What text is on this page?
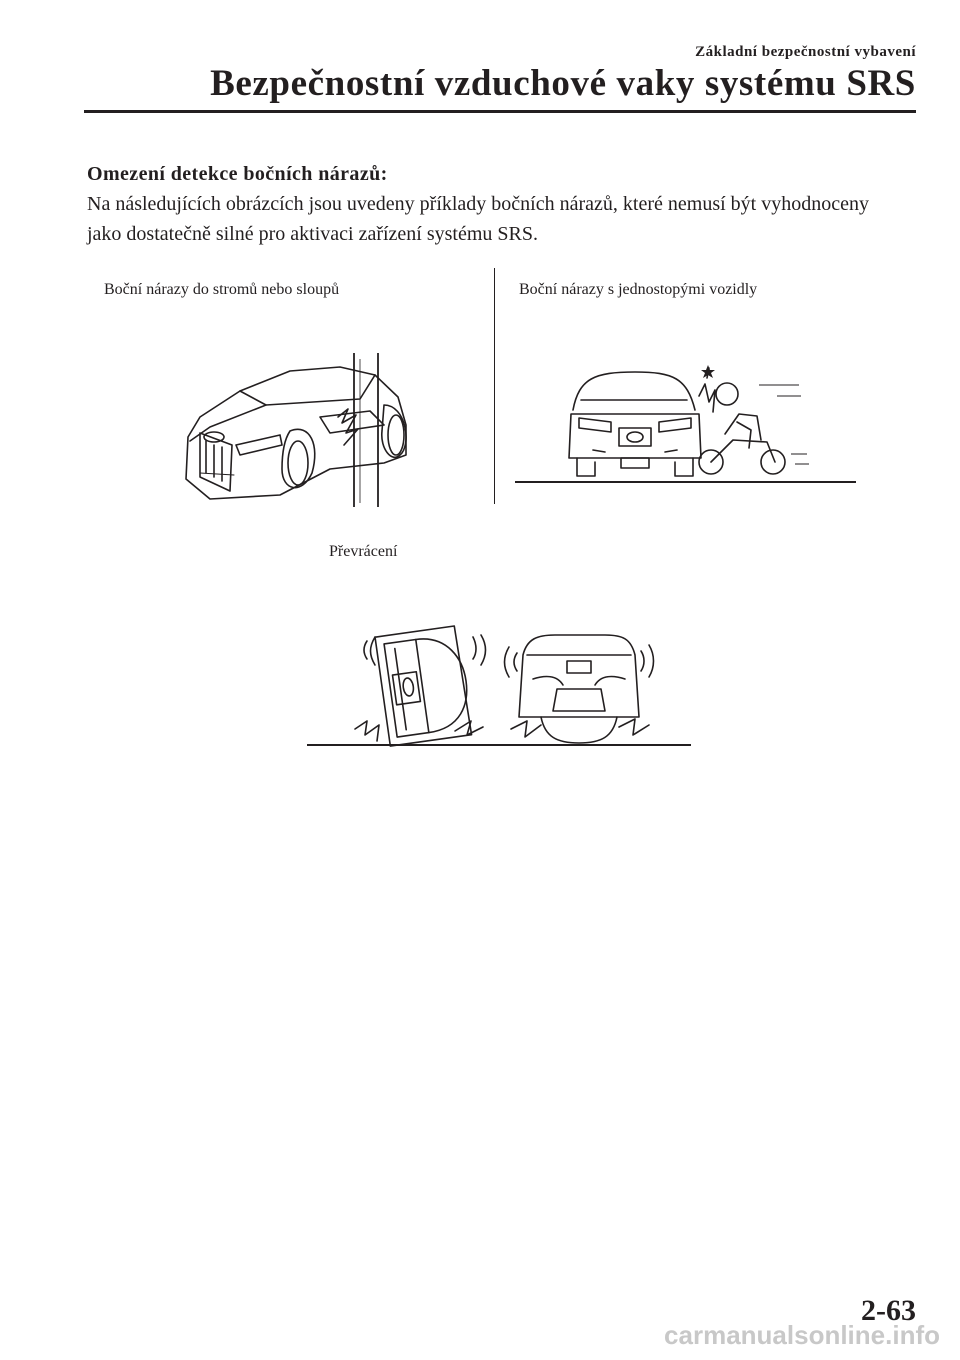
Základní bezpečnostní vybavení
Bezpečnostní vzduchové vaky systému SRS
Omezení detekce bočních nárazů:
Na následujících obrázcích jsou uvedeny příklady bočních nárazů, které nemusí být vyhodnoceny jako dostatečně silné pro aktivaci zařízení systému SRS.
Boční nárazy do stromů nebo sloupů	Boční nárazy s jednostopými vozidly
Převrácení
2-63
carmanualsonline.info
